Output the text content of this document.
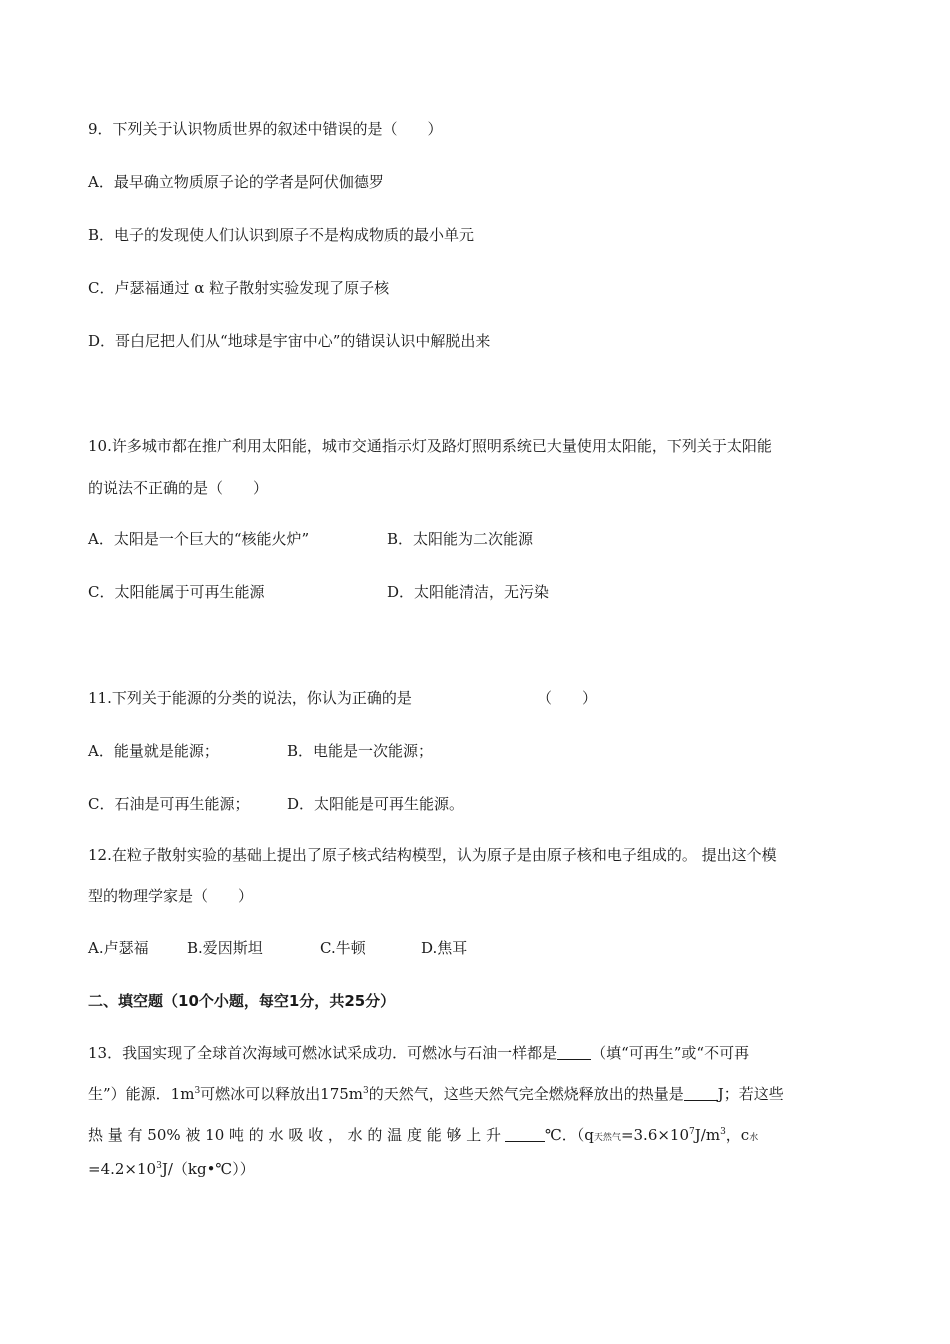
9．下列关于认识物质世界的叙述中错误的是（　　）
A．最早确立物质原子论的学者是阿伏伽德罗
B．电子的发现使人们认识到原子不是构成物质的最小单元
C．卢瑟福通过 α 粒子散射实验发现了原子核
D．哥白尼把人们从“地球是宇宙中心”的错误认识中解脱出来
10.许多城市都在推广利用太阳能，城市交通指示灯及路灯照明系统已大量使用太阳能，下列关于太阳能
的说法不正确的是（　　）
A．太阳是一个巨大的“核能火炉”	B．太阳能为二次能源
C．太阳能属于可再生能源	D．太阳能清洁，无污染
11.下列关于能源的分类的说法，你认为正确的是	（　　）
A．能量就是能源；	B．电能是一次能源；
C．石油是可再生能源；	D．太阳能是可再生能源。
12.在粒子散射实验的基础上提出了原子核式结构模型，认为原子是由原子核和电子组成的。 提出这个模
型的物理学家是（　　）
A.卢瑟福	B.爱因斯坦	C.牛顿	D.焦耳
二、填空题（10个小题，每空1分，共25分）
13．我国实现了全球首次海域可燃冰试采成功．可燃冰与石油一样都是 （填“可再生”或“不可再
生”）能源．$1m^3$可燃冰可以释放出$175m^3$的天然气，这些天然气完全燃烧释放出的热量是 J；若这些
热 量 有 50% 被 10 吨 的 水 吸 收 ， 水 的 温 度 能 够 上 升	℃．（q天然气$=3.6\times 10^7J/m^3$，c水
$=4.2\times 10^3J/(kg•℃)$）
